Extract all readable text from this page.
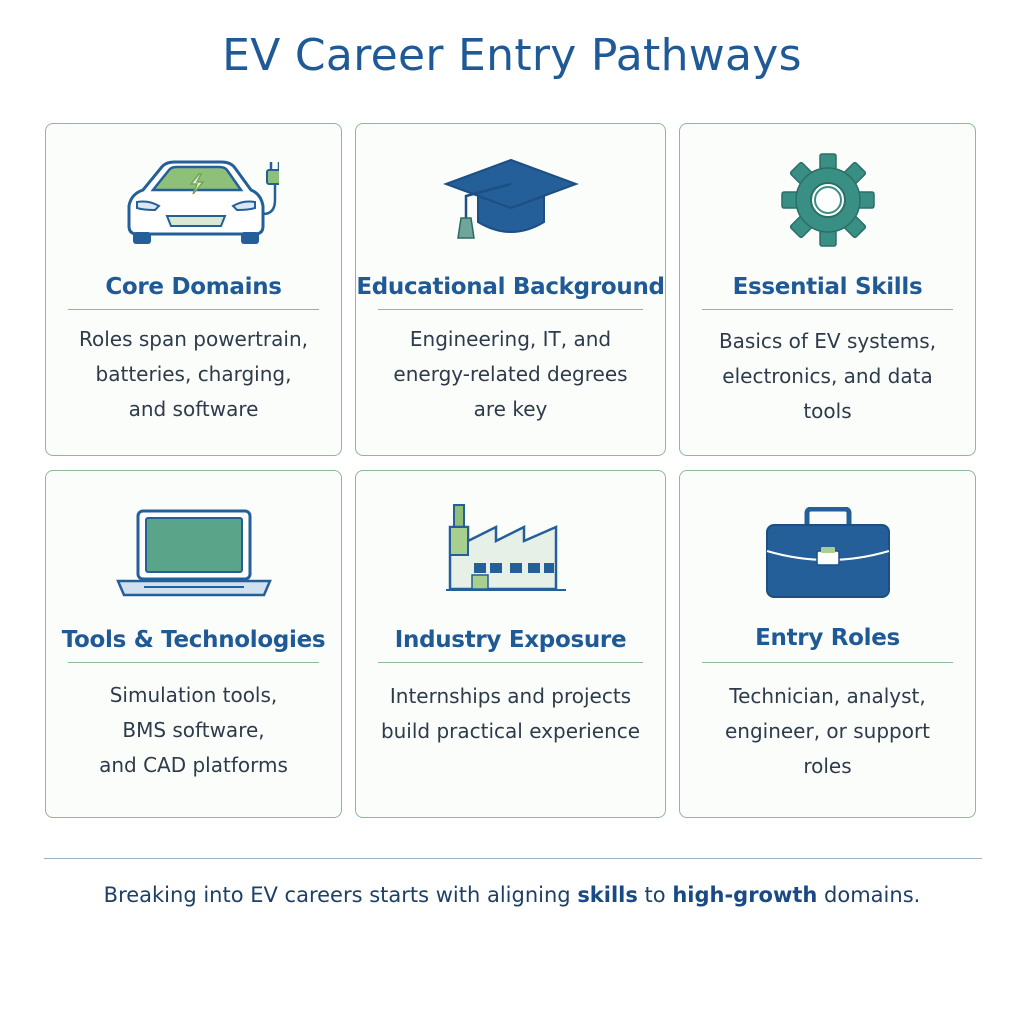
EV Career Entry Pathways
Core Domains
Roles span powertrain,
batteries, charging,
and software
Educational Background
Engineering, IT, and
energy-related degrees
are key
Essential Skills
Basics of EV systems,
electronics, and data tools
Tools & Technologies
Simulation tools,
BMS software,
and CAD platforms
Industry Exposure
Internships and projects
build practical experience
Entry Roles
Technician, analyst,
engineer, or support roles
Breaking into EV careers starts with aligning skills to high-growth domains.
